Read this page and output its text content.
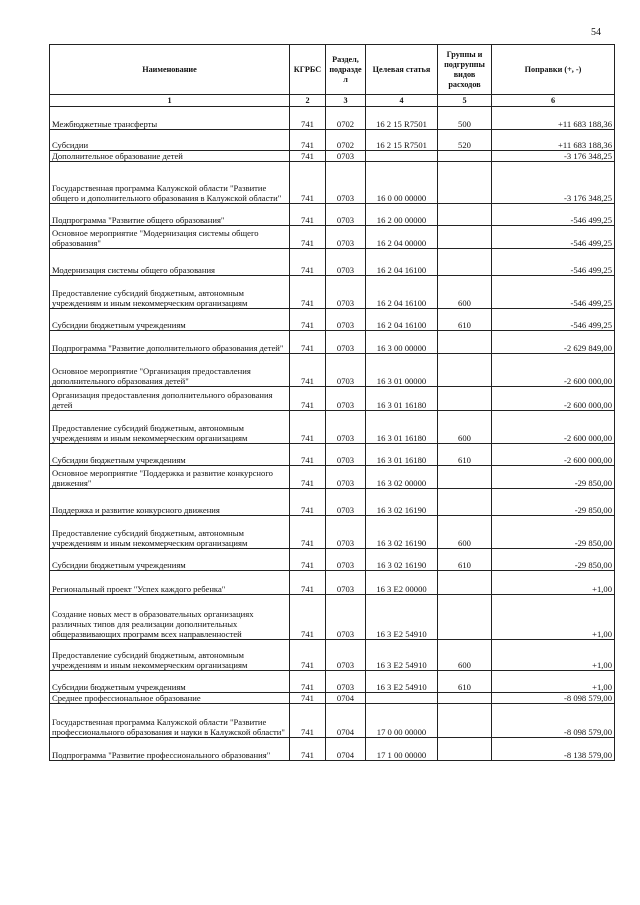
54
Наименование	КГРБС	Раздел, подразде л	Целевая статья	Группы и подгруппы видов расходов	Поправки (+, -)
1	2	3	4	5	6
Межбюджетные трансферты	741	0702	16 2 15 R7501	500	+11 683 188,36
Субсидии	741	0702	16 2 15 R7501	520	+11 683 188,36
Дополнительное образование детей	741	0703			-3 176 348,25
Государственная программа Калужской области "Развитие общего и дополнительного образования в Калужской области"	741	0703	16 0 00 00000		-3 176 348,25
Подпрограмма "Развитие общего образования"	741	0703	16 2 00 00000		-546 499,25
Основное мероприятие "Модернизация системы общего образования"	741	0703	16 2 04 00000		-546 499,25
Модернизация системы общего образования	741	0703	16 2 04 16100		-546 499,25
Предоставление субсидий бюджетным, автономным учреждениям и иным некоммерческим организациям	741	0703	16 2 04 16100	600	-546 499,25
Субсидии бюджетным учреждениям	741	0703	16 2 04 16100	610	-546 499,25
Подпрограмма "Развитие дополнительного образования детей"	741	0703	16 3 00 00000		-2 629 849,00
Основное мероприятие "Организация предоставления дополнительного образования детей"	741	0703	16 3 01 00000		-2 600 000,00
Организация предоставления дополнительного образования детей	741	0703	16 3 01 16180		-2 600 000,00
Предоставление субсидий бюджетным, автономным учреждениям и иным некоммерческим организациям	741	0703	16 3 01 16180	600	-2 600 000,00
Субсидии бюджетным учреждениям	741	0703	16 3 01 16180	610	-2 600 000,00
Основное мероприятие "Поддержка и развитие конкурсного движения"	741	0703	16 3 02 00000		-29 850,00
Поддержка и развитие конкурсного движения	741	0703	16 3 02 16190		-29 850,00
Предоставление субсидий бюджетным, автономным учреждениям и иным некоммерческим организациям	741	0703	16 3 02 16190	600	-29 850,00
Субсидии бюджетным учреждениям	741	0703	16 3 02 16190	610	-29 850,00
Региональный проект "Успех каждого ребенка"	741	0703	16 3 E2 00000		+1,00
Создание новых мест в образовательных организациях различных типов для реализации дополнительных общеразвивающих программ всех направленностей	741	0703	16 3 E2 54910		+1,00
Предоставление субсидий бюджетным, автономным учреждениям и иным некоммерческим организациям	741	0703	16 3 E2 54910	600	+1,00
Субсидии бюджетным учреждениям	741	0703	16 3 E2 54910	610	+1,00
Среднее профессиональное образование	741	0704			-8 098 579,00
Государственная программа Калужской области "Развитие профессионального образования и науки в Калужской области"	741	0704	17 0 00 00000		-8 098 579,00
Подпрограмма "Развитие профессионального образования"	741	0704	17 1 00 00000		-8 138 579,00
